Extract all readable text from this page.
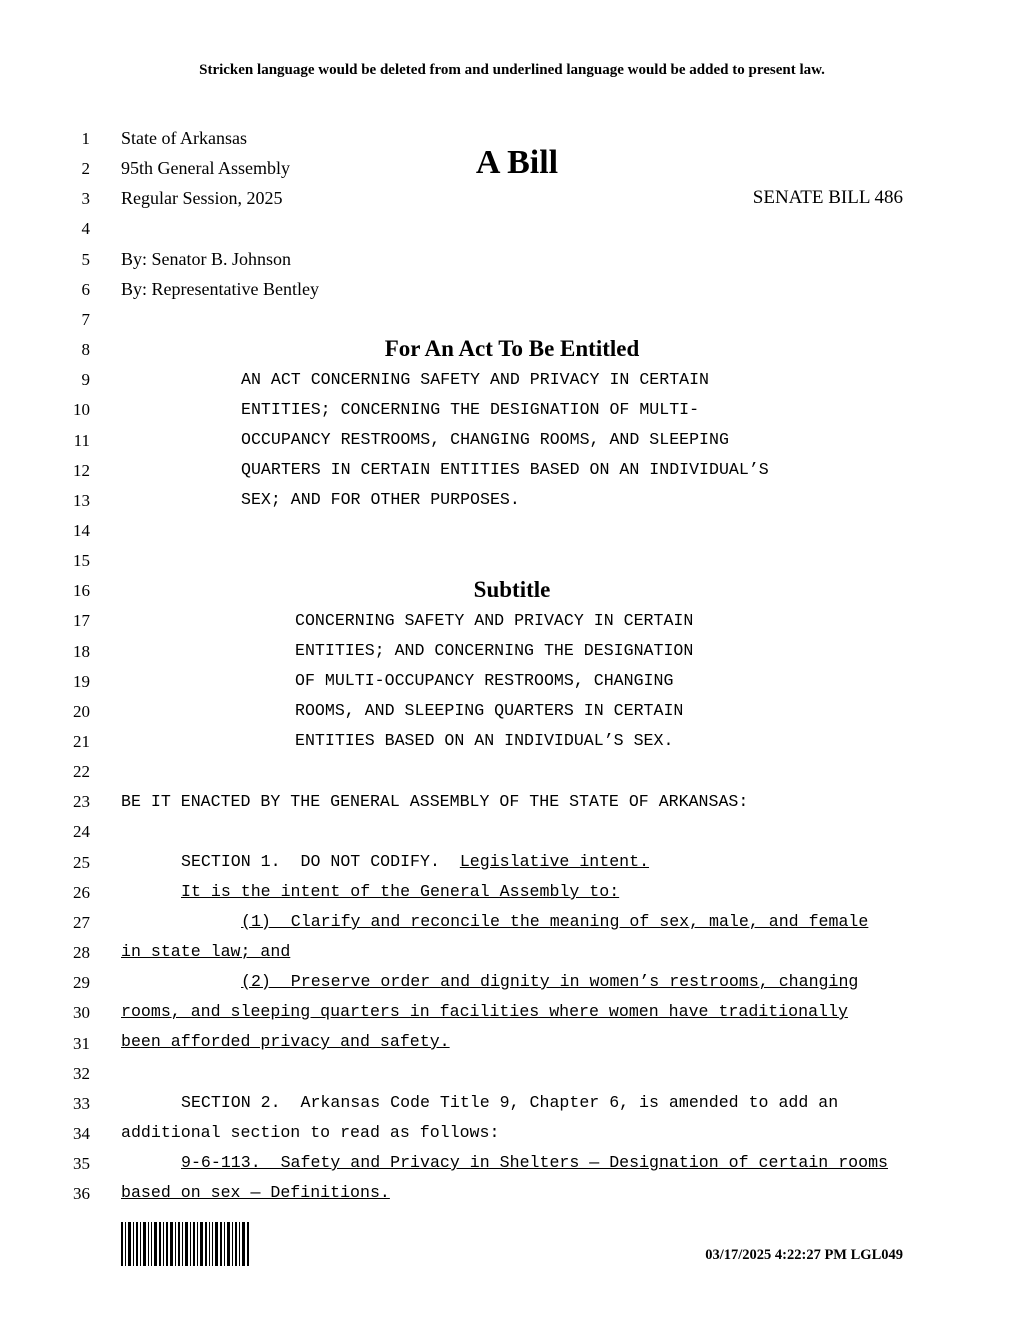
Stricken language would be deleted from and underlined language would be added to present law.
1
2
3
4
5
6
7
8
9
10
11
12
13
14
15
16
17
18
19
20
21
22
23
24
25
26
27
28
29
30
31
32
33
34
35
36
State of Arkansas
95th General Assembly
Regular Session, 2025
A Bill
SENATE BILL 486
By: Senator B. Johnson
By: Representative Bentley
For An Act To Be Entitled
AN ACT CONCERNING SAFETY AND PRIVACY IN CERTAIN
ENTITIES; CONCERNING THE DESIGNATION OF MULTI-
OCCUPANCY RESTROOMS, CHANGING ROOMS, AND SLEEPING
QUARTERS IN CERTAIN ENTITIES BASED ON AN INDIVIDUAL’S
SEX; AND FOR OTHER PURPOSES.
Subtitle
CONCERNING SAFETY AND PRIVACY IN CERTAIN
ENTITIES; AND CONCERNING THE DESIGNATION
OF MULTI-OCCUPANCY RESTROOMS, CHANGING
ROOMS, AND SLEEPING QUARTERS IN CERTAIN
ENTITIES BASED ON AN INDIVIDUAL’S SEX.
BE IT ENACTED BY THE GENERAL ASSEMBLY OF THE STATE OF ARKANSAS:
SECTION 1.  DO NOT CODIFY. Legislative intent.
It is the intent of the General Assembly to:
(1)  Clarify and reconcile the meaning of sex, male, and female
in state law; and
(2)  Preserve order and dignity in women’s restrooms, changing
rooms, and sleeping quarters in facilities where women have traditionally
been afforded privacy and safety.
SECTION 2.  Arkansas Code Title 9, Chapter 6, is amended to add an
additional section to read as follows:
9-6-113.  Safety and Privacy in Shelters — Designation of certain rooms
based on sex — Definitions.
03/17/2025 4:22:27 PM LGL049
